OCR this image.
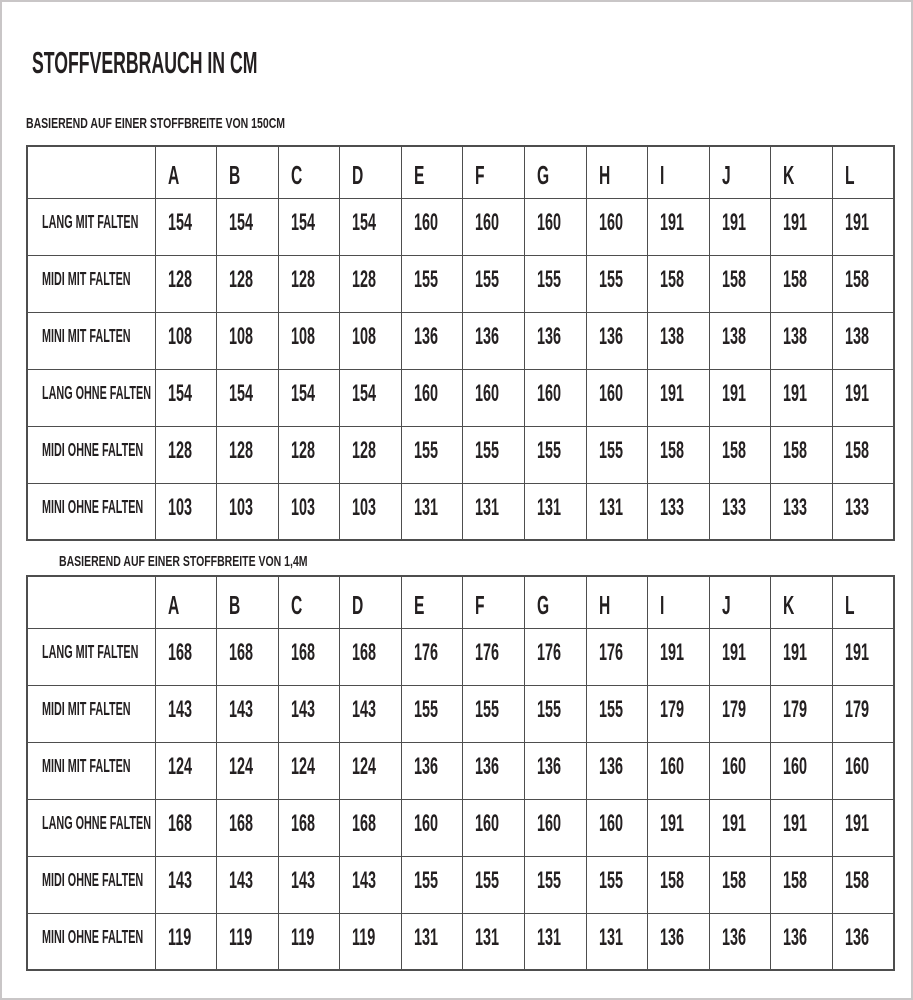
STOFFVERBRAUCH IN CM
BASIEREND AUF EINER STOFFBREITE VON 150CM
	A	B	C	D	E	F	G	H	I	J	K	L
LANG MIT FALTEN	154	154	154	154	160	160	160	160	191	191	191	191
MIDI MIT FALTEN	128	128	128	128	155	155	155	155	158	158	158	158
MINI MIT FALTEN	108	108	108	108	136	136	136	136	138	138	138	138
LANG OHNE FALTEN	154	154	154	154	160	160	160	160	191	191	191	191
MIDI OHNE FALTEN	128	128	128	128	155	155	155	155	158	158	158	158
MINI OHNE FALTEN	103	103	103	103	131	131	131	131	133	133	133	133
BASIEREND AUF EINER STOFFBREITE VON 1,4M
	A	B	C	D	E	F	G	H	I	J	K	L
LANG MIT FALTEN	168	168	168	168	176	176	176	176	191	191	191	191
MIDI MIT FALTEN	143	143	143	143	155	155	155	155	179	179	179	179
MINI MIT FALTEN	124	124	124	124	136	136	136	136	160	160	160	160
LANG OHNE FALTEN	168	168	168	168	160	160	160	160	191	191	191	191
MIDI OHNE FALTEN	143	143	143	143	155	155	155	155	158	158	158	158
MINI OHNE FALTEN	119	119	119	119	131	131	131	131	136	136	136	136
